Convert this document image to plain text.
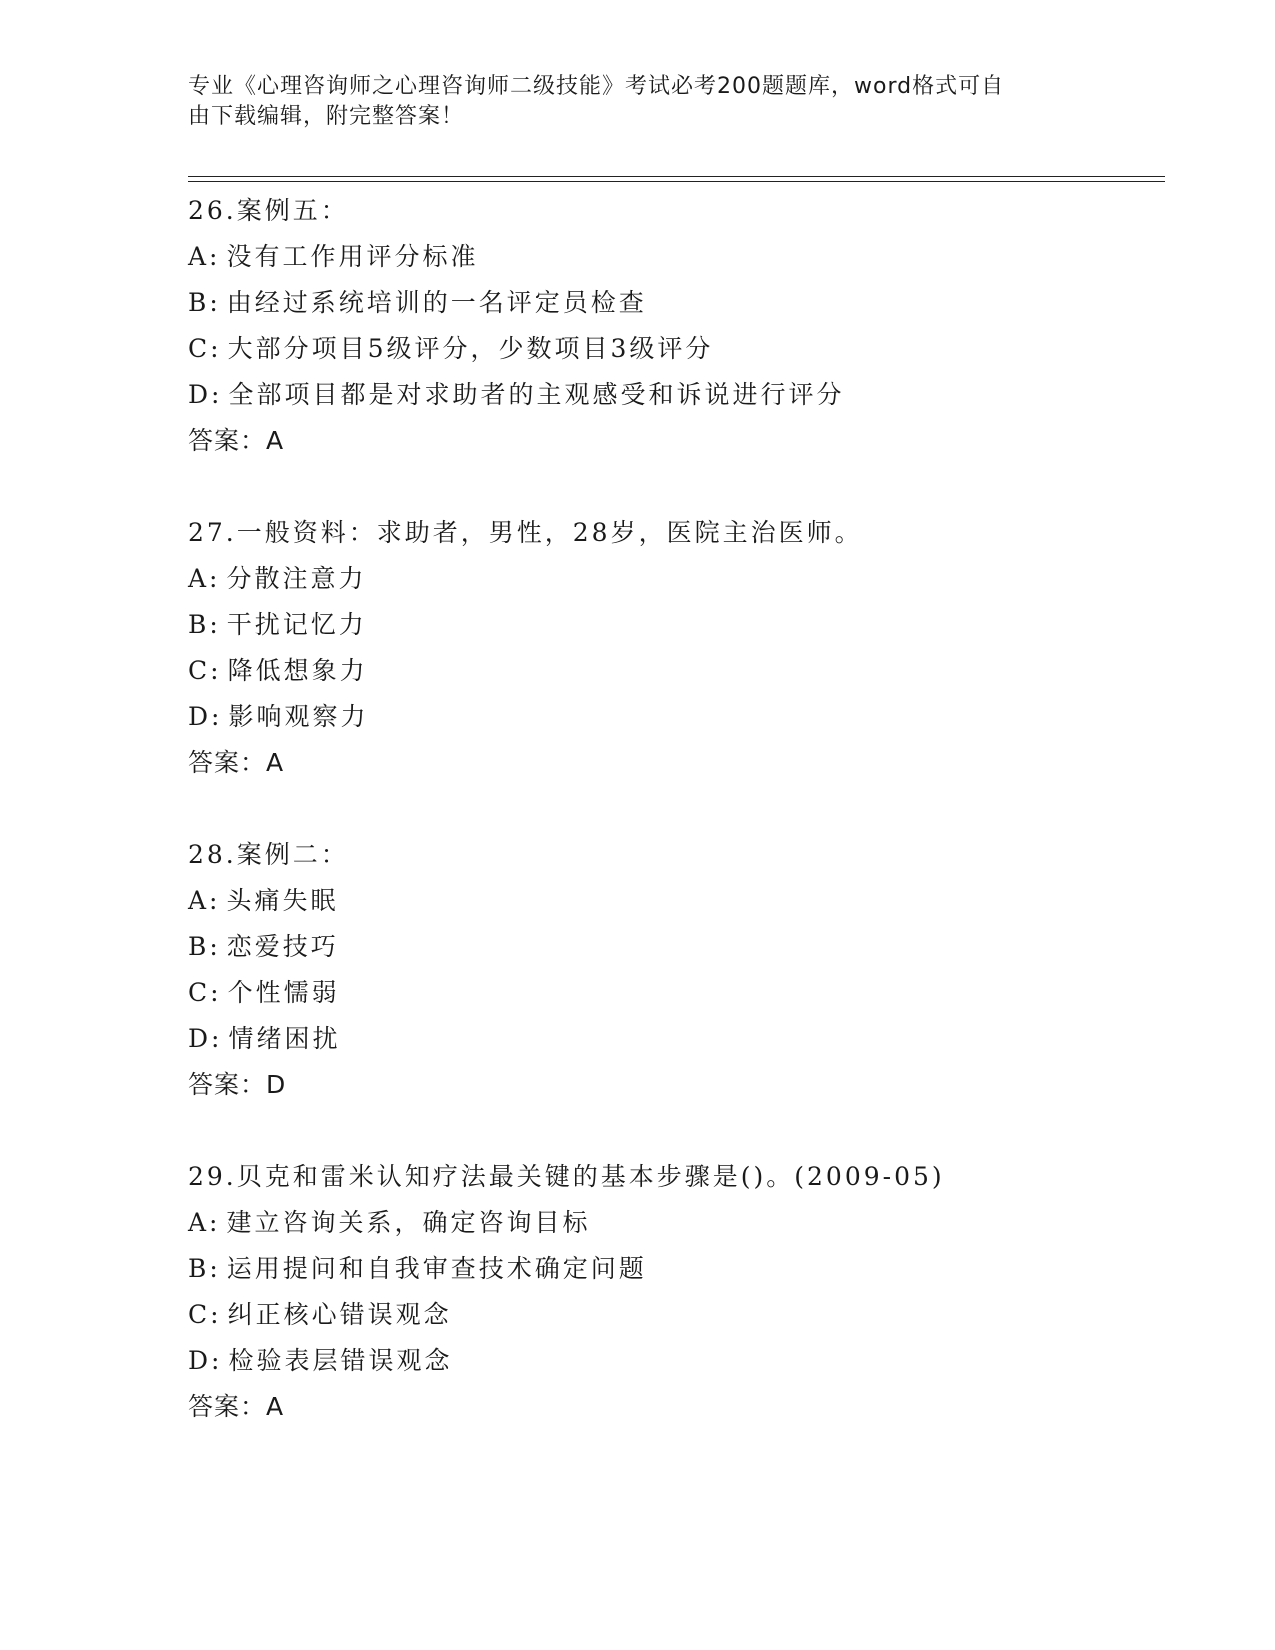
专业《心理咨询师之心理咨询师二级技能》考试必考200题题库，word格式可自
由下载编辑，附完整答案！
26.案例五：
A: 没有工作用评分标准
B: 由经过系统培训的一名评定员检查
C: 大部分项目5级评分，少数项目3级评分
D: 全部项目都是对求助者的主观感受和诉说进行评分
答案：A
27.一般资料：求助者，男性，28岁，医院主治医师。
A: 分散注意力
B: 干扰记忆力
C: 降低想象力
D: 影响观察力
答案：A
28.案例二：
A: 头痛失眠
B: 恋爱技巧
C: 个性懦弱
D: 情绪困扰
答案：D
29.贝克和雷米认知疗法最关键的基本步骤是()。(2009-05)
A: 建立咨询关系，确定咨询目标
B: 运用提问和自我审查技术确定问题
C: 纠正核心错误观念
D: 检验表层错误观念
答案：A
